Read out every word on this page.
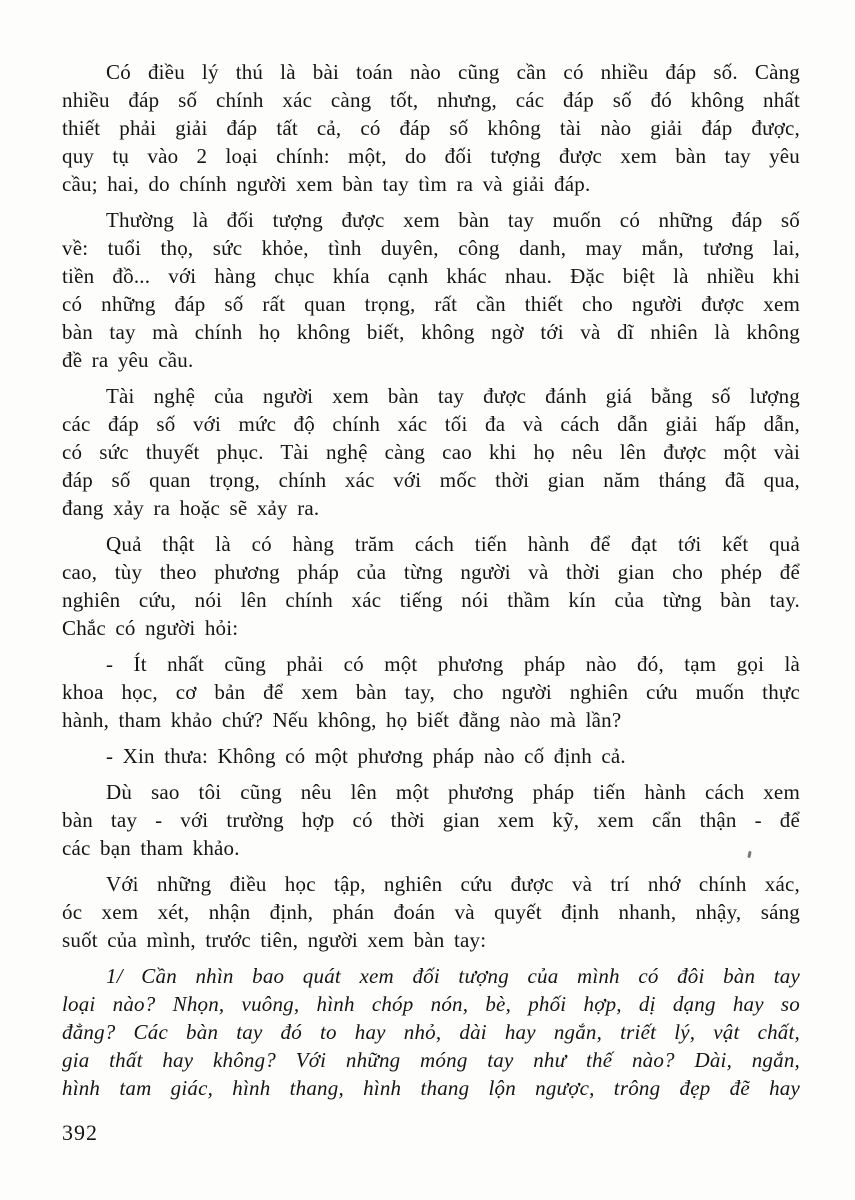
Có điều lý thú là bài toán nào cũng cần có nhiều đáp số. Càng
nhiều đáp số chính xác càng tốt, nhưng, các đáp số đó không nhất
thiết phải giải đáp tất cả, có đáp số không tài nào giải đáp được,
quy tụ vào 2 loại chính: một, do đối tượng được xem bàn tay yêu
cầu; hai, do chính người xem bàn tay tìm ra và giải đáp.
Thường là đối tượng được xem bàn tay muốn có những đáp số
về: tuổi thọ, sức khỏe, tình duyên, công danh, may mắn, tương lai,
tiền đồ... với hàng chục khía cạnh khác nhau. Đặc biệt là nhiều khi
có những đáp số rất quan trọng, rất cần thiết cho người được xem
bàn tay mà chính họ không biết, không ngờ tới và dĩ nhiên là không
đề ra yêu cầu.
Tài nghệ của người xem bàn tay được đánh giá bằng số lượng
các đáp số với mức độ chính xác tối đa và cách dẫn giải hấp dẫn,
có sức thuyết phục. Tài nghệ càng cao khi họ nêu lên được một vài
đáp số quan trọng, chính xác với mốc thời gian năm tháng đã qua,
đang xảy ra hoặc sẽ xảy ra.
Quả thật là có hàng trăm cách tiến hành để đạt tới kết quả
cao, tùy theo phương pháp của từng người và thời gian cho phép để
nghiên cứu, nói lên chính xác tiếng nói thầm kín của từng bàn tay.
Chắc có người hỏi:
- Ít nhất cũng phải có một phương pháp nào đó, tạm gọi là
khoa học, cơ bản để xem bàn tay, cho người nghiên cứu muốn thực
hành, tham khảo chứ? Nếu không, họ biết đằng nào mà lần?
- Xin thưa: Không có một phương pháp nào cố định cả.
Dù sao tôi cũng nêu lên một phương pháp tiến hành cách xem
bàn tay - với trường hợp có thời gian xem kỹ, xem cẩn thận - để
các bạn tham khảo.
Với những điều học tập, nghiên cứu được và trí nhớ chính xác,
óc xem xét, nhận định, phán đoán và quyết định nhanh, nhậy, sáng
suốt của mình, trước tiên, người xem bàn tay:
1/ Cần nhìn bao quát xem đối tượng của mình có đôi bàn tay
loại nào? Nhọn, vuông, hình chóp nón, bè, phối hợp, dị dạng hay so
đẳng? Các bàn tay đó to hay nhỏ, dài hay ngắn, triết lý, vật chất,
gia thất hay không? Với những móng tay như thế nào? Dài, ngắn,
hình tam giác, hình thang, hình thang lộn ngược, trông đẹp đẽ hay
392
